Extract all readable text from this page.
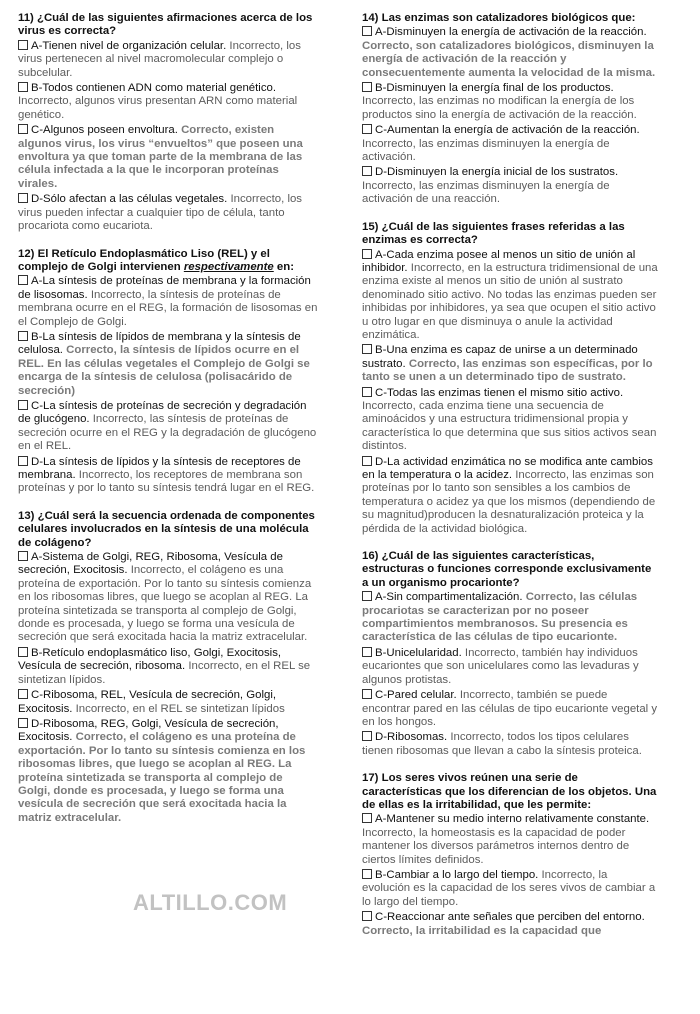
11) ¿Cuál de las siguientes afirmaciones acerca de los virus es correcta?
A-Tienen nivel de organización celular. Incorrecto, los virus pertenecen al nivel macromolecular complejo o subcelular.
B-Todos contienen ADN como material genético. Incorrecto, algunos virus presentan ARN como material genético.
C-Algunos poseen envoltura. Correcto, existen algunos virus, los virus “envueltos” que poseen una envoltura ya que toman parte de la membrana de las célula infectada a la que le incorporan proteínas virales.
D-Sólo afectan a las células vegetales. Incorrecto, los virus pueden infectar a cualquier tipo de célula, tanto procariota como eucariota.
12) El Retículo Endoplasmático Liso (REL) y el complejo de Golgi intervienen respectivamente en:
A-La síntesis de proteínas de membrana y la formación de lisosomas. Incorrecto, la síntesis de proteínas de membrana ocurre en el REG, la formación de lisosomas en el Complejo de Golgi.
B-La síntesis de lípidos de membrana y la síntesis de celulosa. Correcto, la síntesis de lípidos ocurre en el REL. En las células vegetales el Complejo de Golgi se encarga de la síntesis de celulosa (polisacárido de secreción)
C-La síntesis de proteínas de secreción y degradación de glucógeno. Incorrecto, las síntesis de proteínas de secreción ocurre en el REG y la degradación de glucógeno en el REL.
D-La síntesis de lípidos y la síntesis de receptores de membrana. Incorrecto, los receptores de membrana son proteínas y por lo tanto su síntesis tendrá lugar en el REG.
13) ¿Cuál será la secuencia ordenada de componentes celulares involucrados en la síntesis de una molécula de colágeno?
A-Sistema de Golgi, REG, Ribosoma, Vesícula de secreción, Exocitosis. Incorrecto, el colágeno es una proteína de exportación. Por lo tanto su síntesis comienza en los ribosomas libres, que luego se acoplan al REG. La proteína sintetizada se transporta al complejo de Golgi, donde es procesada, y luego se forma una vesícula de secreción que será exocitada hacia la matriz extracelular.
B-Retículo endoplasmático liso, Golgi, Exocitosis, Vesícula de secreción, ribosoma. Incorrecto, en el REL se sintetizan lípidos.
C-Ribosoma, REL, Vesícula de secreción, Golgi, Exocitosis. Incorrecto, en el REL se sintetizan lípidos
D-Ribosoma, REG, Golgi, Vesícula de secreción, Exocitosis. Correcto, el colágeno es una proteína de exportación. Por lo tanto su síntesis comienza en los ribosomas libres, que luego se acoplan al REG. La proteína sintetizada se transporta al complejo de Golgi, donde es procesada, y luego se forma una vesícula de secreción que será exocitada hacia la matriz extracelular.
14) Las enzimas son catalizadores biológicos que:
A-Disminuyen la energía de activación de la reacción. Correcto, son catalizadores biológicos, disminuyen la energía de activación de la reacción y consecuentemente aumenta la velocidad de la misma.
B-Disminuyen la energía final de los productos. Incorrecto, las enzimas no modifican la energía de los productos sino la energía de activación de la reacción.
C-Aumentan la energía de activación de la reacción. Incorrecto, las enzimas disminuyen la energía de activación.
D-Disminuyen la energía inicial de los sustratos. Incorrecto, las enzimas disminuyen la energía de activación de una reacción.
15) ¿Cuál de las siguientes frases referidas a las enzimas es correcta?
A-Cada enzima posee al menos un sitio de unión al inhibidor. Incorrecto, en la estructura tridimensional de una enzima existe al menos un sitio de unión al sustrato denominado sitio activo. No todas las enzimas pueden ser inhibidas por inhibidores, ya sea que ocupen el sitio activo u otro lugar en que disminuya o anule la actividad enzimática.
B-Una enzima es capaz de unirse a un determinado sustrato. Correcto, las enzimas son específicas, por lo tanto se unen a un determinado tipo de sustrato.
C-Todas las enzimas tienen el mismo sitio activo. Incorrecto, cada enzima tiene una secuencia de aminoácidos y una estructura tridimensional propia y característica lo que determina que sus sitios activos sean distintos.
D-La actividad enzimática no se modifica ante cambios en la temperatura o la acidez. Incorrecto, las enzimas son proteínas por lo tanto son sensibles a los cambios de temperatura o acidez ya que los mismos (dependiendo de su magnitud)producen la desnaturalización proteica y la pérdida de la actividad biológica.
16) ¿Cuál de las siguientes características, estructuras o funciones corresponde exclusivamente a un organismo procarionte?
A-Sin compartimentalización. Correcto, las células procariotas se caracterizan por no poseer compartimientos membranosos. Su presencia es característica de las células de tipo eucarionte.
B-Unicelularidad. Incorrecto, también hay individuos eucariontes que son unicelulares como las levaduras y algunos protistas.
C-Pared celular. Incorrecto, también se puede encontrar pared en las células de tipo eucarionte vegetal y en los hongos.
D-Ribosomas. Incorrecto, todos los tipos celulares tienen ribosomas que llevan a cabo la síntesis proteica.
17) Los seres vivos reúnen una serie de características que los diferencian de los objetos. Una de ellas es la irritabilidad, que les permite:
A-Mantener su medio interno relativamente constante. Incorrecto, la homeostasis es la capacidad de poder mantener los diversos parámetros internos dentro de ciertos límites definidos.
B-Cambiar a lo largo del tiempo. Incorrecto, la evolución es la capacidad de los seres vivos de cambiar a lo largo del tiempo.
C-Reaccionar ante señales que perciben del entorno. Correcto, la irritabilidad es la capacidad que
ALTILLO.COM
